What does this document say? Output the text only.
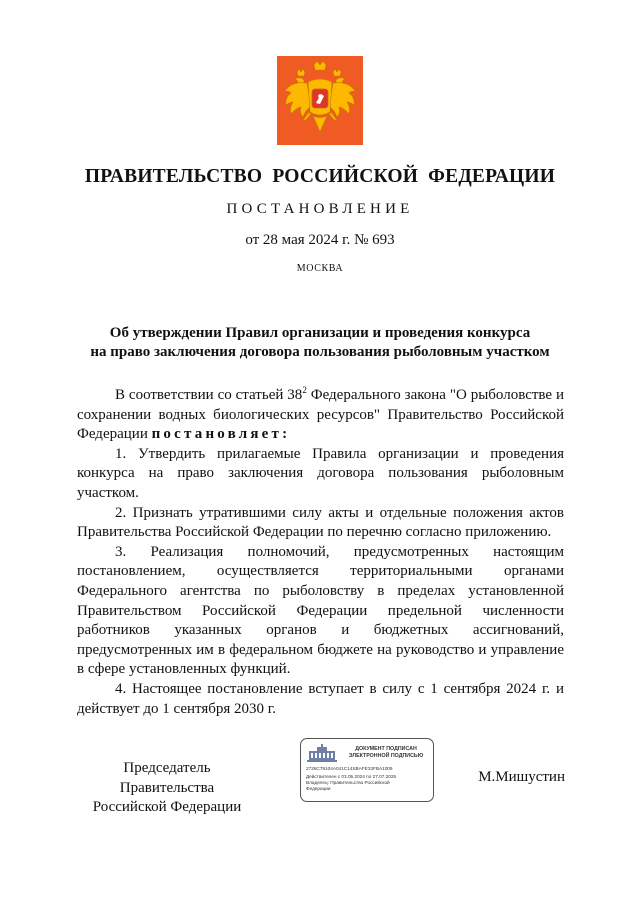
ПРАВИТЕЛЬСТВО РОССИЙСКОЙ ФЕДЕРАЦИИ
ПОСТАНОВЛЕНИЕ
от 28 мая 2024 г. № 693
МОСКВА
Об утверждении Правил организации и проведения конкурса
на право заключения договора пользования рыболовным участком

В соответствии со статьей $38^2$ Федерального закона "О рыболовстве и сохранении водных биологических ресурсов" Правительство Российской Федерации постановляет:

1. Утвердить прилагаемые Правила организации и проведения конкурса на право заключения договора пользования рыболовным участком.

2. Признать утратившими силу акты и отдельные положения актов Правительства Российской Федерации по перечню согласно приложению.

3. Реализация полномочий, предусмотренных настоящим постановлением, осуществляется территориальными органами Федерального агентства по рыболовству в пределах установленной Правительством Российской Федерации предельной численности работников указанных органов и бюджетных ассигнований, предусмотренных им в федеральном бюджете на руководство и управление в сфере установленных функций.

4. Настоящее постановление вступает в силу с 1 сентября 2024 г. и действует до 1 сентября 2030 г.

Председатель Правительства
Российской Федерации
ДОКУМЕНТ ПОДПИСАН
ЭЛЕКТРОННОЙ ПОДПИСЬЮ
2726C79104A041C14SBAFE33FBA1009
Действителен с 03.05.2024 по 27.07.2025
Владелец: Правительство Российской
Федерации
М.Мишустин
